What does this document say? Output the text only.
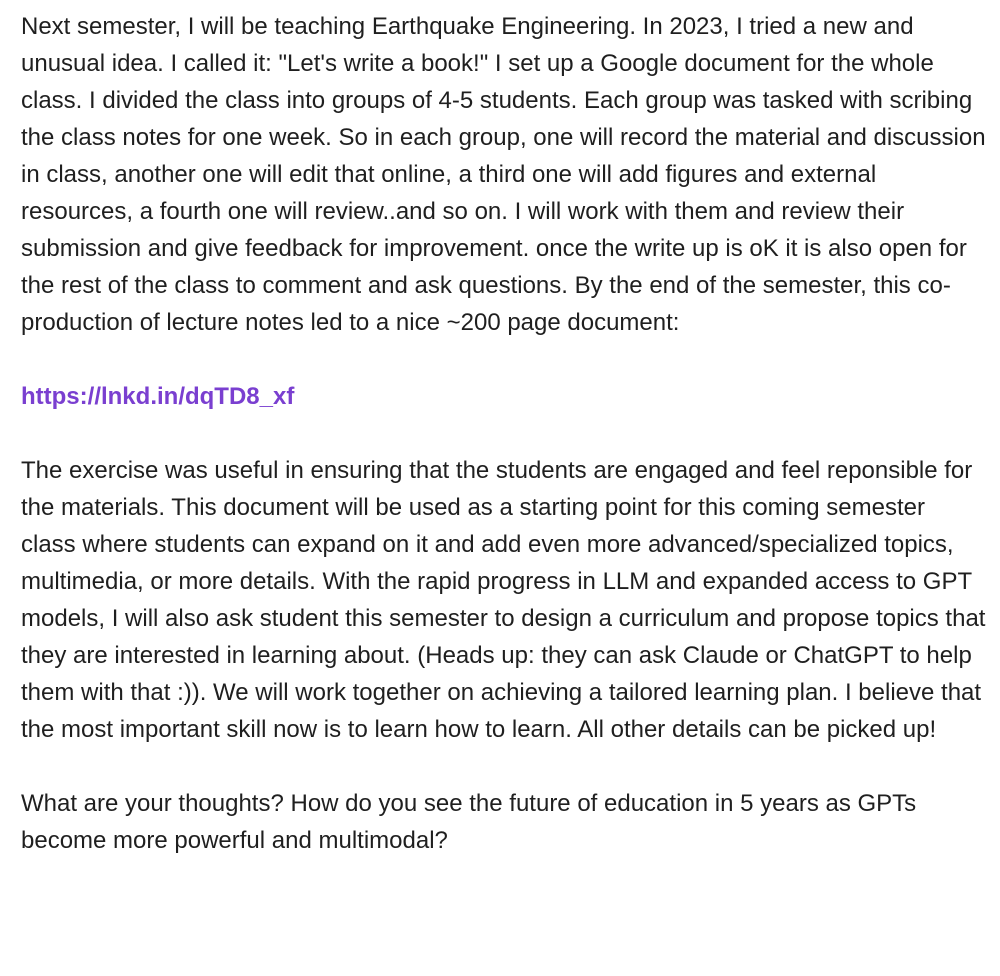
Next semester, I will be teaching Earthquake Engineering. In 2023, I tried a new and unusual idea. I called it: "Let's write a book!" I set up a Google document for the whole class. I divided the class into groups of 4-5 students. Each group was tasked with scribing the class notes for one week. So in each group, one will record the material and discussion in class, another one will edit that online, a third one will add figures and external resources, a fourth one will review..and so on. I will work with them and review their submission and give feedback for improvement. once the write up is oK it is also open for the rest of the class to comment and ask questions. By the end of the semester, this co-production of lecture notes led to a nice ~200 page document:

https://lnkd.in/dqTD8_xf

The exercise was useful in ensuring that the students are engaged and feel reponsible for the materials. This document will be used as a starting point for this coming semester class where students can expand on it and add even more advanced/specialized topics, multimedia, or more details. With the rapid progress in LLM and expanded access to GPT models, I will also ask student this semester to design a curriculum and propose topics that they are interested in learning about. (Heads up: they can ask Claude or ChatGPT to help them with that :)). We will work together on achieving a tailored learning plan. I believe that the most important skill now is to learn how to learn. All other details can be picked up!

What are your thoughts? How do you see the future of education in 5 years as GPTs become more powerful and multimodal?
